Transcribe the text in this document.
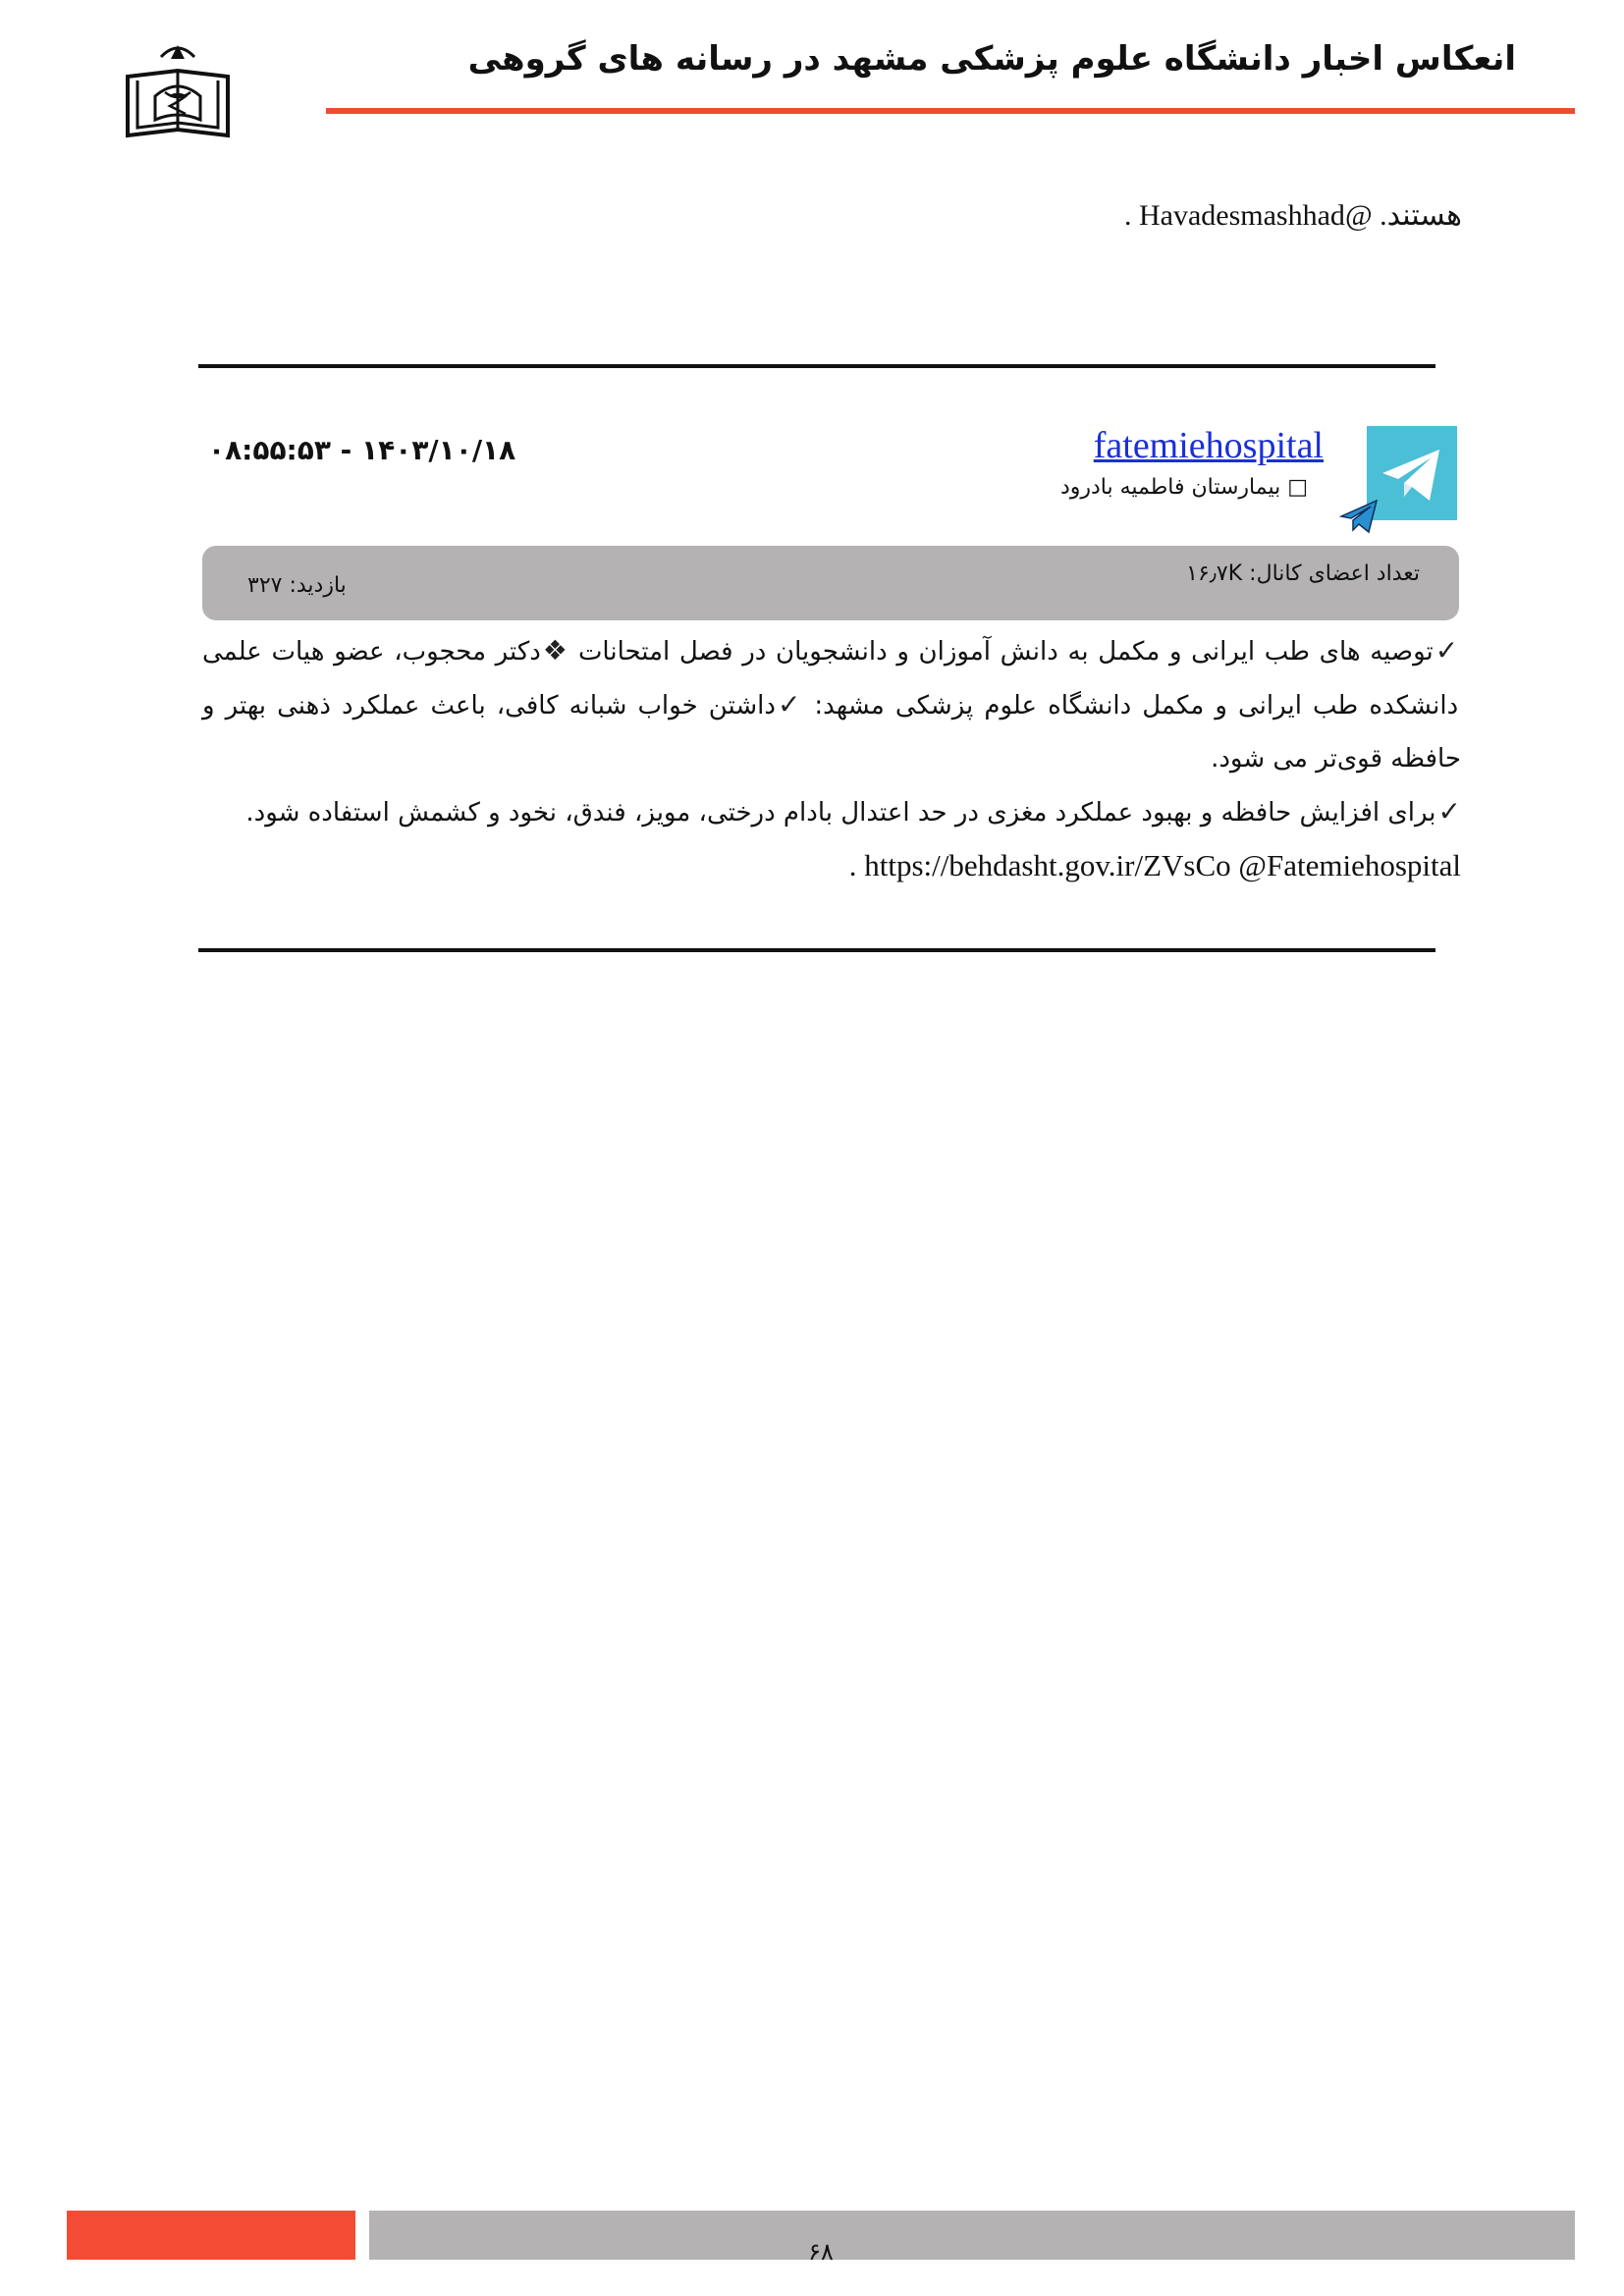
انعکاس اخبار دانشگاه علوم پزشکی مشهد در رسانه های گروهی
هستند. @Havadesmashhad .
fatemiehospital
□ بیمارستان فاطمیه بادرود
۰۸:۵۵:۵۳ - ۱۴۰۳/۱۰/۱۸
تعداد اعضای کانال: ۱۶٫۷K
بازدید: ۳۲۷

✓توصیه های طب ایرانی و مکمل به دانش آموزان و دانشجویان در فصل امتحانات ❖دکتر محجوب، عضو هیات علمی دانشکده طب ایرانی و مکمل دانشگاه علوم پزشکی مشهد: ✓داشتن خواب شبانه کافی، باعث عملکرد ذهنی بهتر و حافظه قوی‌تر می شود.

✓برای افزایش حافظه و بهبود عملکرد مغزی در حد اعتدال بادام درختی، مویز، فندق، نخود و کشمش استفاده شود.

https://behdasht.gov.ir/ZVsCo @Fatemiehospital .

۶۸
